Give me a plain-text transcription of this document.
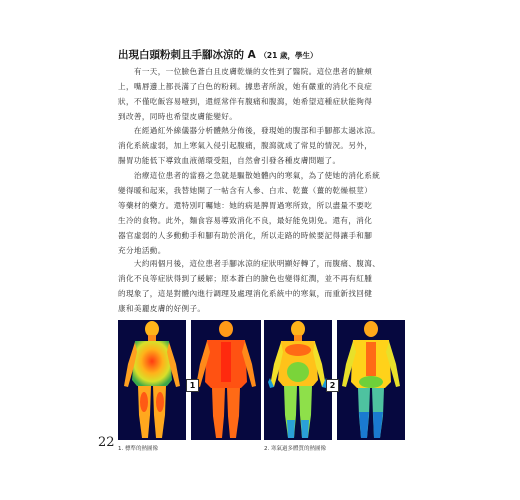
出現白頭粉刺且手腳冰涼的 A （21 歲，學生）

　　有一天，一位臉色蒼白且皮膚乾燥的女性到了醫院。這位患者的臉頰
上，嘴唇邊上都長滿了白色的粉刺。據患者所說，她有嚴重的消化不良症
狀，不僅吃飯容易噎到，還經常伴有腹痛和腹瀉，她希望這種症狀能夠得
到改善，同時也希望皮膚能變好。

　　在經過紅外線儀器分析體熱分佈後，發現她的腹部和手腳都太過冰涼。
消化系統虛弱，加上寒氣入侵引起腹痛，腹瀉就成了常見的情況。另外，
腸胃功能低下導致血液循環受阻，自然會引發各種皮膚問題了。

　　治療這位患者的當務之急就是驅散她體內的寒氣，為了使她的消化系統
變得暖和起來，我替她開了一帖含有人參、白朮、乾薑（薑的乾燥根莖）
等藥材的藥方。還特別叮囑她：她的病是脾胃過寒所致，所以盡量不要吃
生冷的食物。此外，麵食容易導致消化不良，最好能免則免。還有，消化
器官虛弱的人多動動手和腳有助於消化，所以走路的時候要記得讓手和腳
充分地活動。

　　大約兩個月後，這位患者手腳冰涼的症狀明顯好轉了，而腹痛、腹瀉、
消化不良等症狀得到了緩解；原本蒼白的臉色也變得紅潤，並不再有紅腫
的現象了，這是對體內進行調理及處理消化系統中的寒氣，而重新找回健
康和美麗皮膚的好例子。

1	2
1. 標準的熱圖像	2. 寒氣過多體質的熱圖像
22
